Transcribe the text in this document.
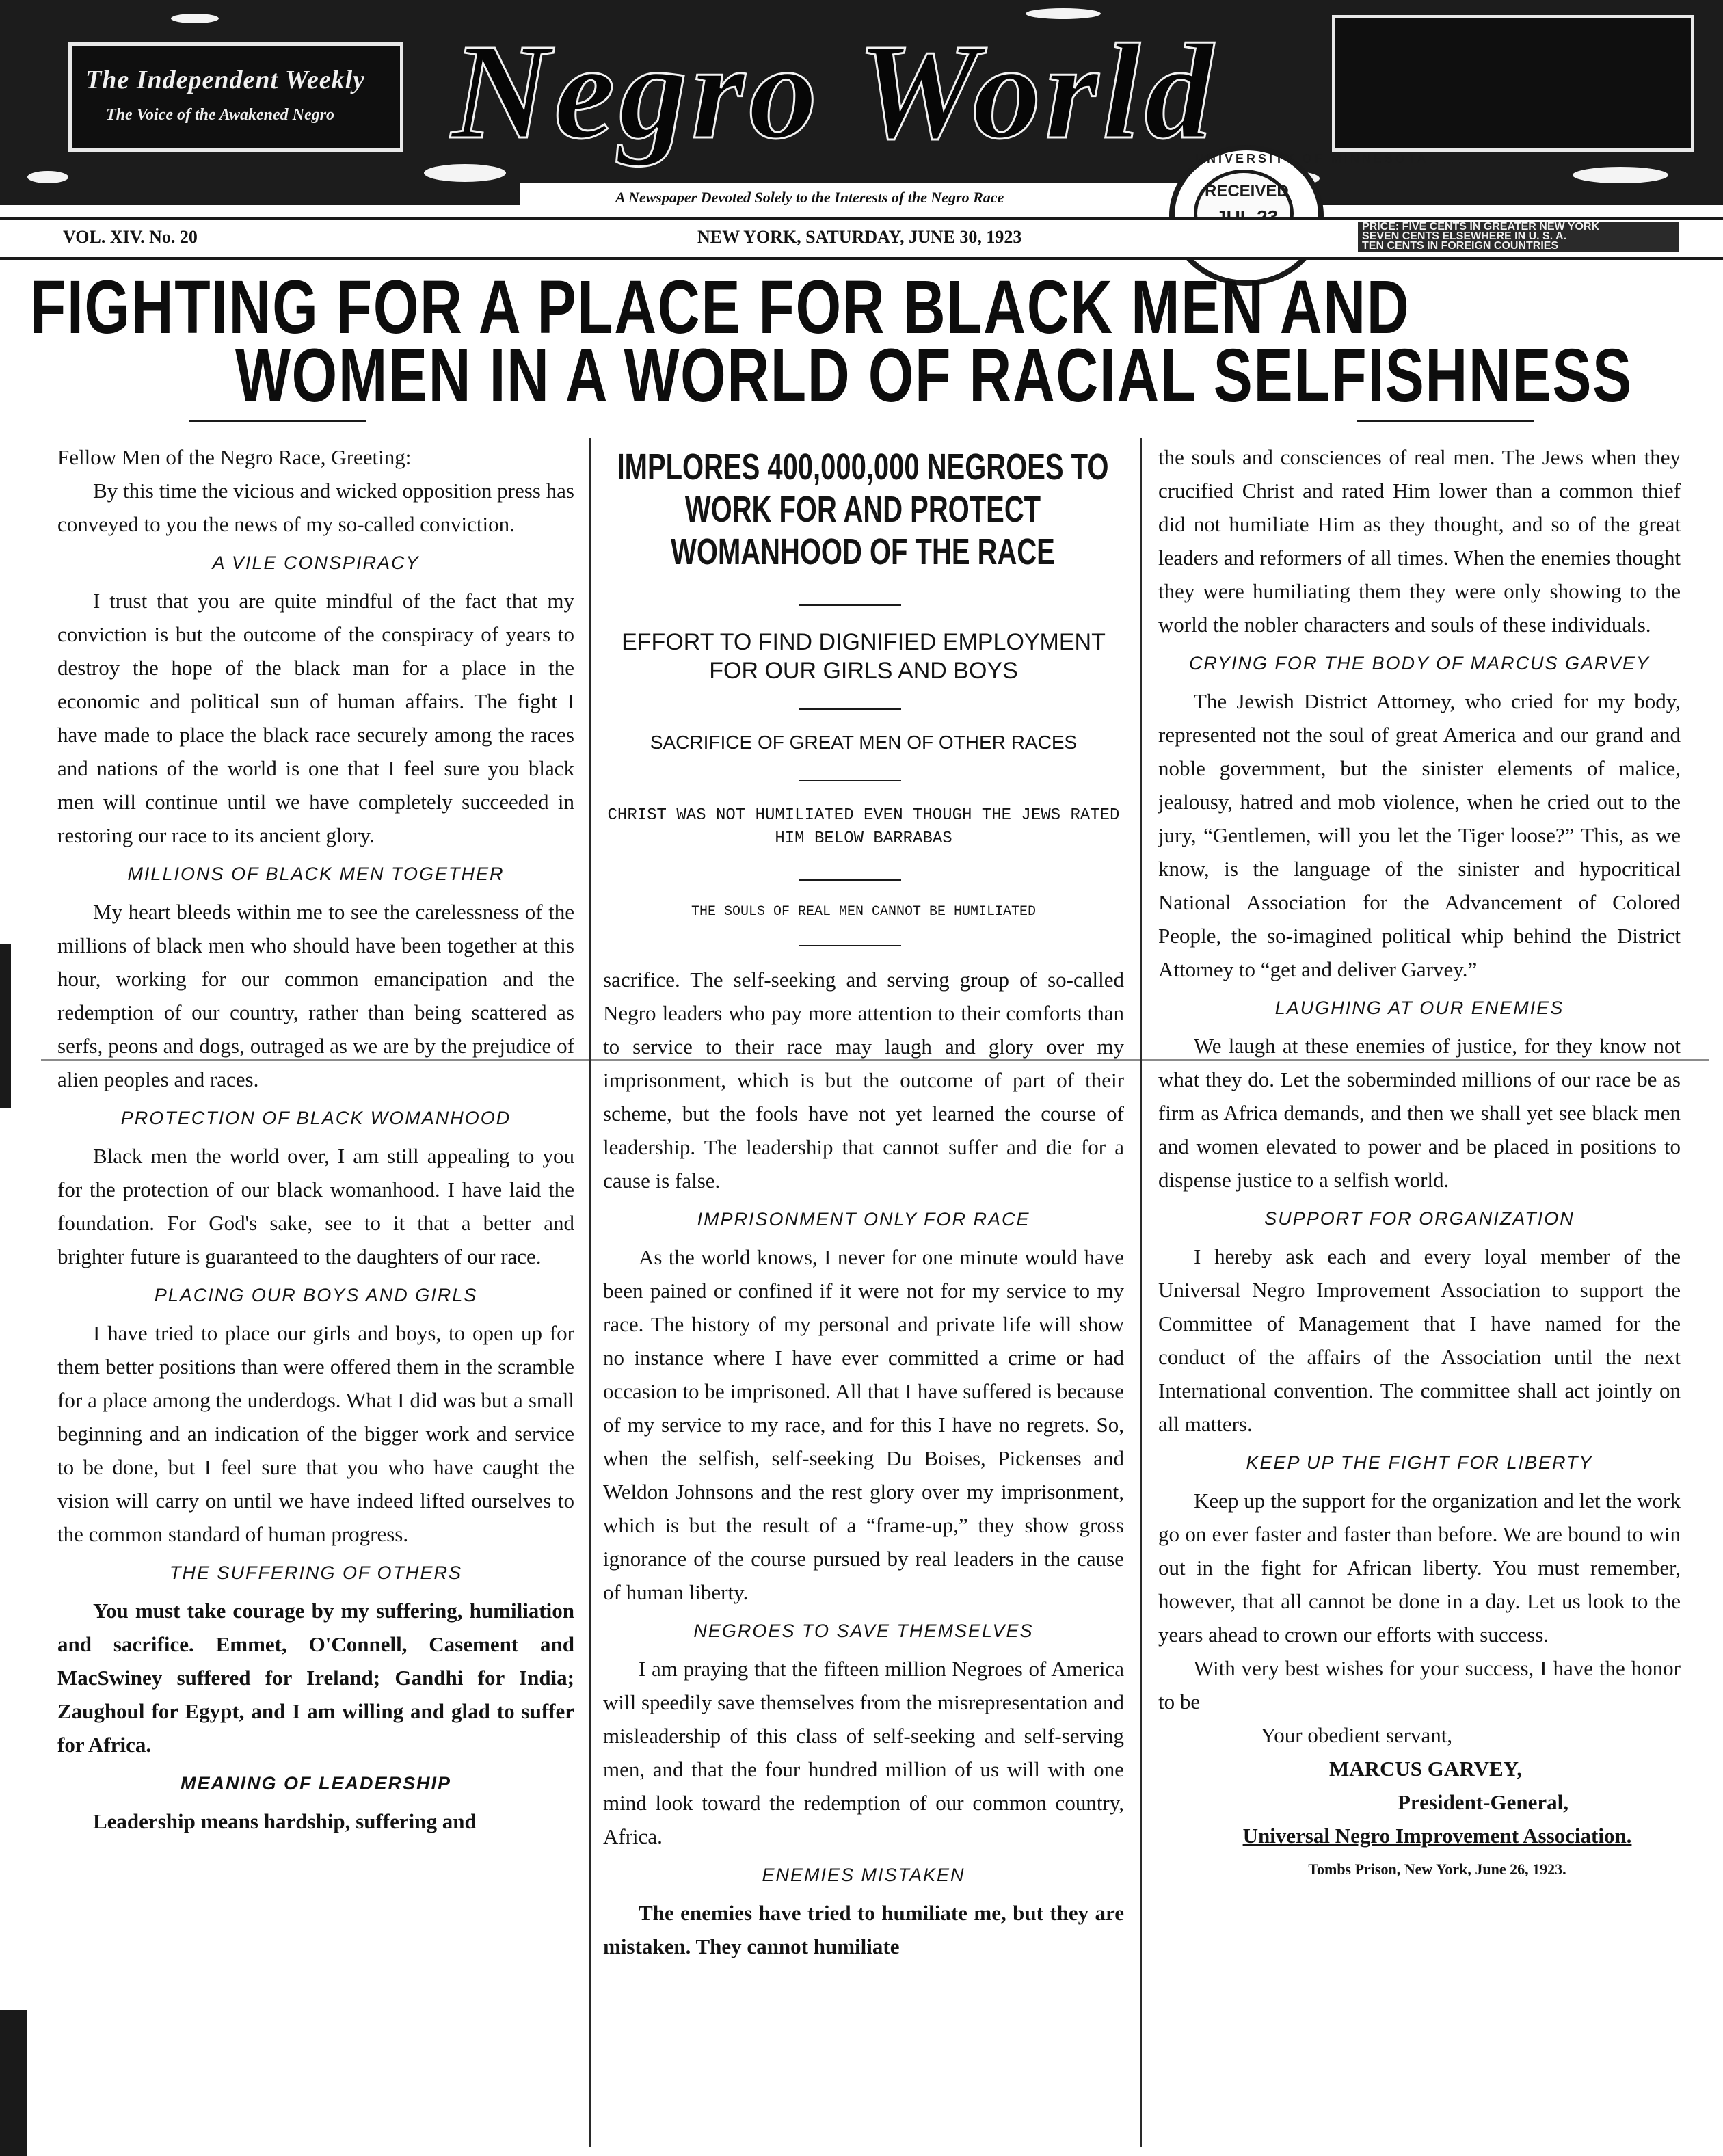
The Independent Weekly
The Voice of the Awakened Negro Negro World
A Newspaper Devoted Solely to the Interests of the Negro Race
UNIVERSITY OF MINNESOTA
RECEIVED
VOL. XIV. No. 20	NEW YORK, SATURDAY, JUNE 30, 1923
PRICE: FIVE CENTS IN GREATER NEW YORK
SEVEN CENTS ELSEWHERE IN U. S. A.
TEN CENTS IN FOREIGN COUNTRIES
FIGHTING FOR A PLACE FOR BLACK MEN AND
WOMEN IN A WORLD OF RACIAL SELFISHNESS
IMPLORES 400,000,000 NEGROES TO WORK FOR AND PROTECT WOMANHOOD OF THE RACE
EFFORT TO FIND DIGNIFIED EMPLOYMENT FOR OUR GIRLS AND BOYS
SACRIFICE OF GREAT MEN OF OTHER RACES
CHRIST WAS NOT HUMILIATED EVEN THOUGH THE JEWS RATED HIM BELOW BARRABAS
THE SOULS OF REAL MEN CANNOT BE HUMILIATED

Fellow Men of the Negro Race, Greeting:

By this time the vicious and wicked opposition press has conveyed to you the news of my so-called conviction.

A VILE CONSPIRACY

I trust that you are quite mindful of the fact that my conviction is but the outcome of the conspiracy of years to destroy the hope of the black man for a place in the economic and political sun of human affairs. The fight I have made to place the black race securely among the races and nations of the world is one that I feel sure you black men will continue until we have completely succeeded in restoring our race to its ancient glory.

MILLIONS OF BLACK MEN TOGETHER

My heart bleeds within me to see the carelessness of the millions of black men who should have been together at this hour, working for our common emancipation and the redemption of our country, rather than being scattered as serfs, peons and dogs, outraged as we are by the prejudice of alien peoples and races.

PROTECTION OF BLACK WOMANHOOD

Black men the world over, I am still appealing to you for the protection of our black womanhood. I have laid the foundation. For God's sake, see to it that a better and brighter future is guaranteed to the daughters of our race.

PLACING OUR BOYS AND GIRLS

I have tried to place our girls and boys, to open up for them better positions than were offered them in the scramble for a place among the underdogs. What I did was but a small beginning and an indication of the bigger work and service to be done, but I feel sure that you who have caught the vision will carry on until we have indeed lifted ourselves to the common standard of human progress.

THE SUFFERING OF OTHERS

You must take courage by my suffering, humiliation and sacrifice. Emmet, O'Connell, Casement and MacSwiney suffered for Ireland; Gandhi for India; Zaughoul for Egypt, and I am willing and glad to suffer for Africa.

MEANING OF LEADERSHIP

Leadership means hardship, suffering and

sacrifice. The self-seeking and serving group of so-called Negro leaders who pay more attention to their comforts than to service to their race may laugh and glory over my imprisonment, which is but the outcome of part of their scheme, but the fools have not yet learned the course of leadership. The leadership that cannot suffer and die for a cause is false.

IMPRISONMENT ONLY FOR RACE

As the world knows, I never for one minute would have been pained or confined if it were not for my service to my race. The history of my personal and private life will show no instance where I have ever committed a crime or had occasion to be imprisoned. All that I have suffered is because of my service to my race, and for this I have no regrets. So, when the selfish, self-seeking Du Boises, Pickenses and Weldon Johnsons and the rest glory over my imprisonment, which is but the result of a “frame-up,” they show gross ignorance of the course pursued by real leaders in the cause of human liberty.

NEGROES TO SAVE THEMSELVES

I am praying that the fifteen million Negroes of America will speedily save themselves from the misrepresentation and misleadership of this class of self-seeking and self-serving men, and that the four hundred million of us will with one mind look toward the redemption of our common country, Africa.

ENEMIES MISTAKEN

The enemies have tried to humiliate me, but they are mistaken. They cannot humiliate

the souls and consciences of real men. The Jews when they crucified Christ and rated Him lower than a common thief did not humiliate Him as they thought, and so of the great leaders and reformers of all times. When the enemies thought they were humiliating them they were only showing to the world the nobler characters and souls of these individuals.

CRYING FOR THE BODY OF MARCUS GARVEY

The Jewish District Attorney, who cried for my body, represented not the soul of great America and our grand and noble government, but the sinister elements of malice, jealousy, hatred and mob violence, when he cried out to the jury, “Gentlemen, will you let the Tiger loose?” This, as we know, is the language of the sinister and hypocritical National Association for the Advancement of Colored People, the so-imagined political whip behind the District Attorney to “get and deliver Garvey.”

LAUGHING AT OUR ENEMIES

We laugh at these enemies of justice, for they know not what they do. Let the soberminded millions of our race be as firm as Africa demands, and then we shall yet see black men and women elevated to power and be placed in positions to dispense justice to a selfish world.

SUPPORT FOR ORGANIZATION

I hereby ask each and every loyal member of the Universal Negro Improvement Association to support the Committee of Management that I have named for the conduct of the affairs of the Association until the next International convention. The committee shall act jointly on all matters.

KEEP UP THE FIGHT FOR LIBERTY

Keep up the support for the organization and let the work go on ever faster and faster than before. We are bound to win out in the fight for African liberty. You must remember, however, that all cannot be done in a day. Let us look to the years ahead to crown our efforts with success.

With very best wishes for your success, I have the honor to be

Your obedient servant,

MARCUS GARVEY,

President-General,

Universal Negro Improvement Association.

Tombs Prison, New York, June 26, 1923.
